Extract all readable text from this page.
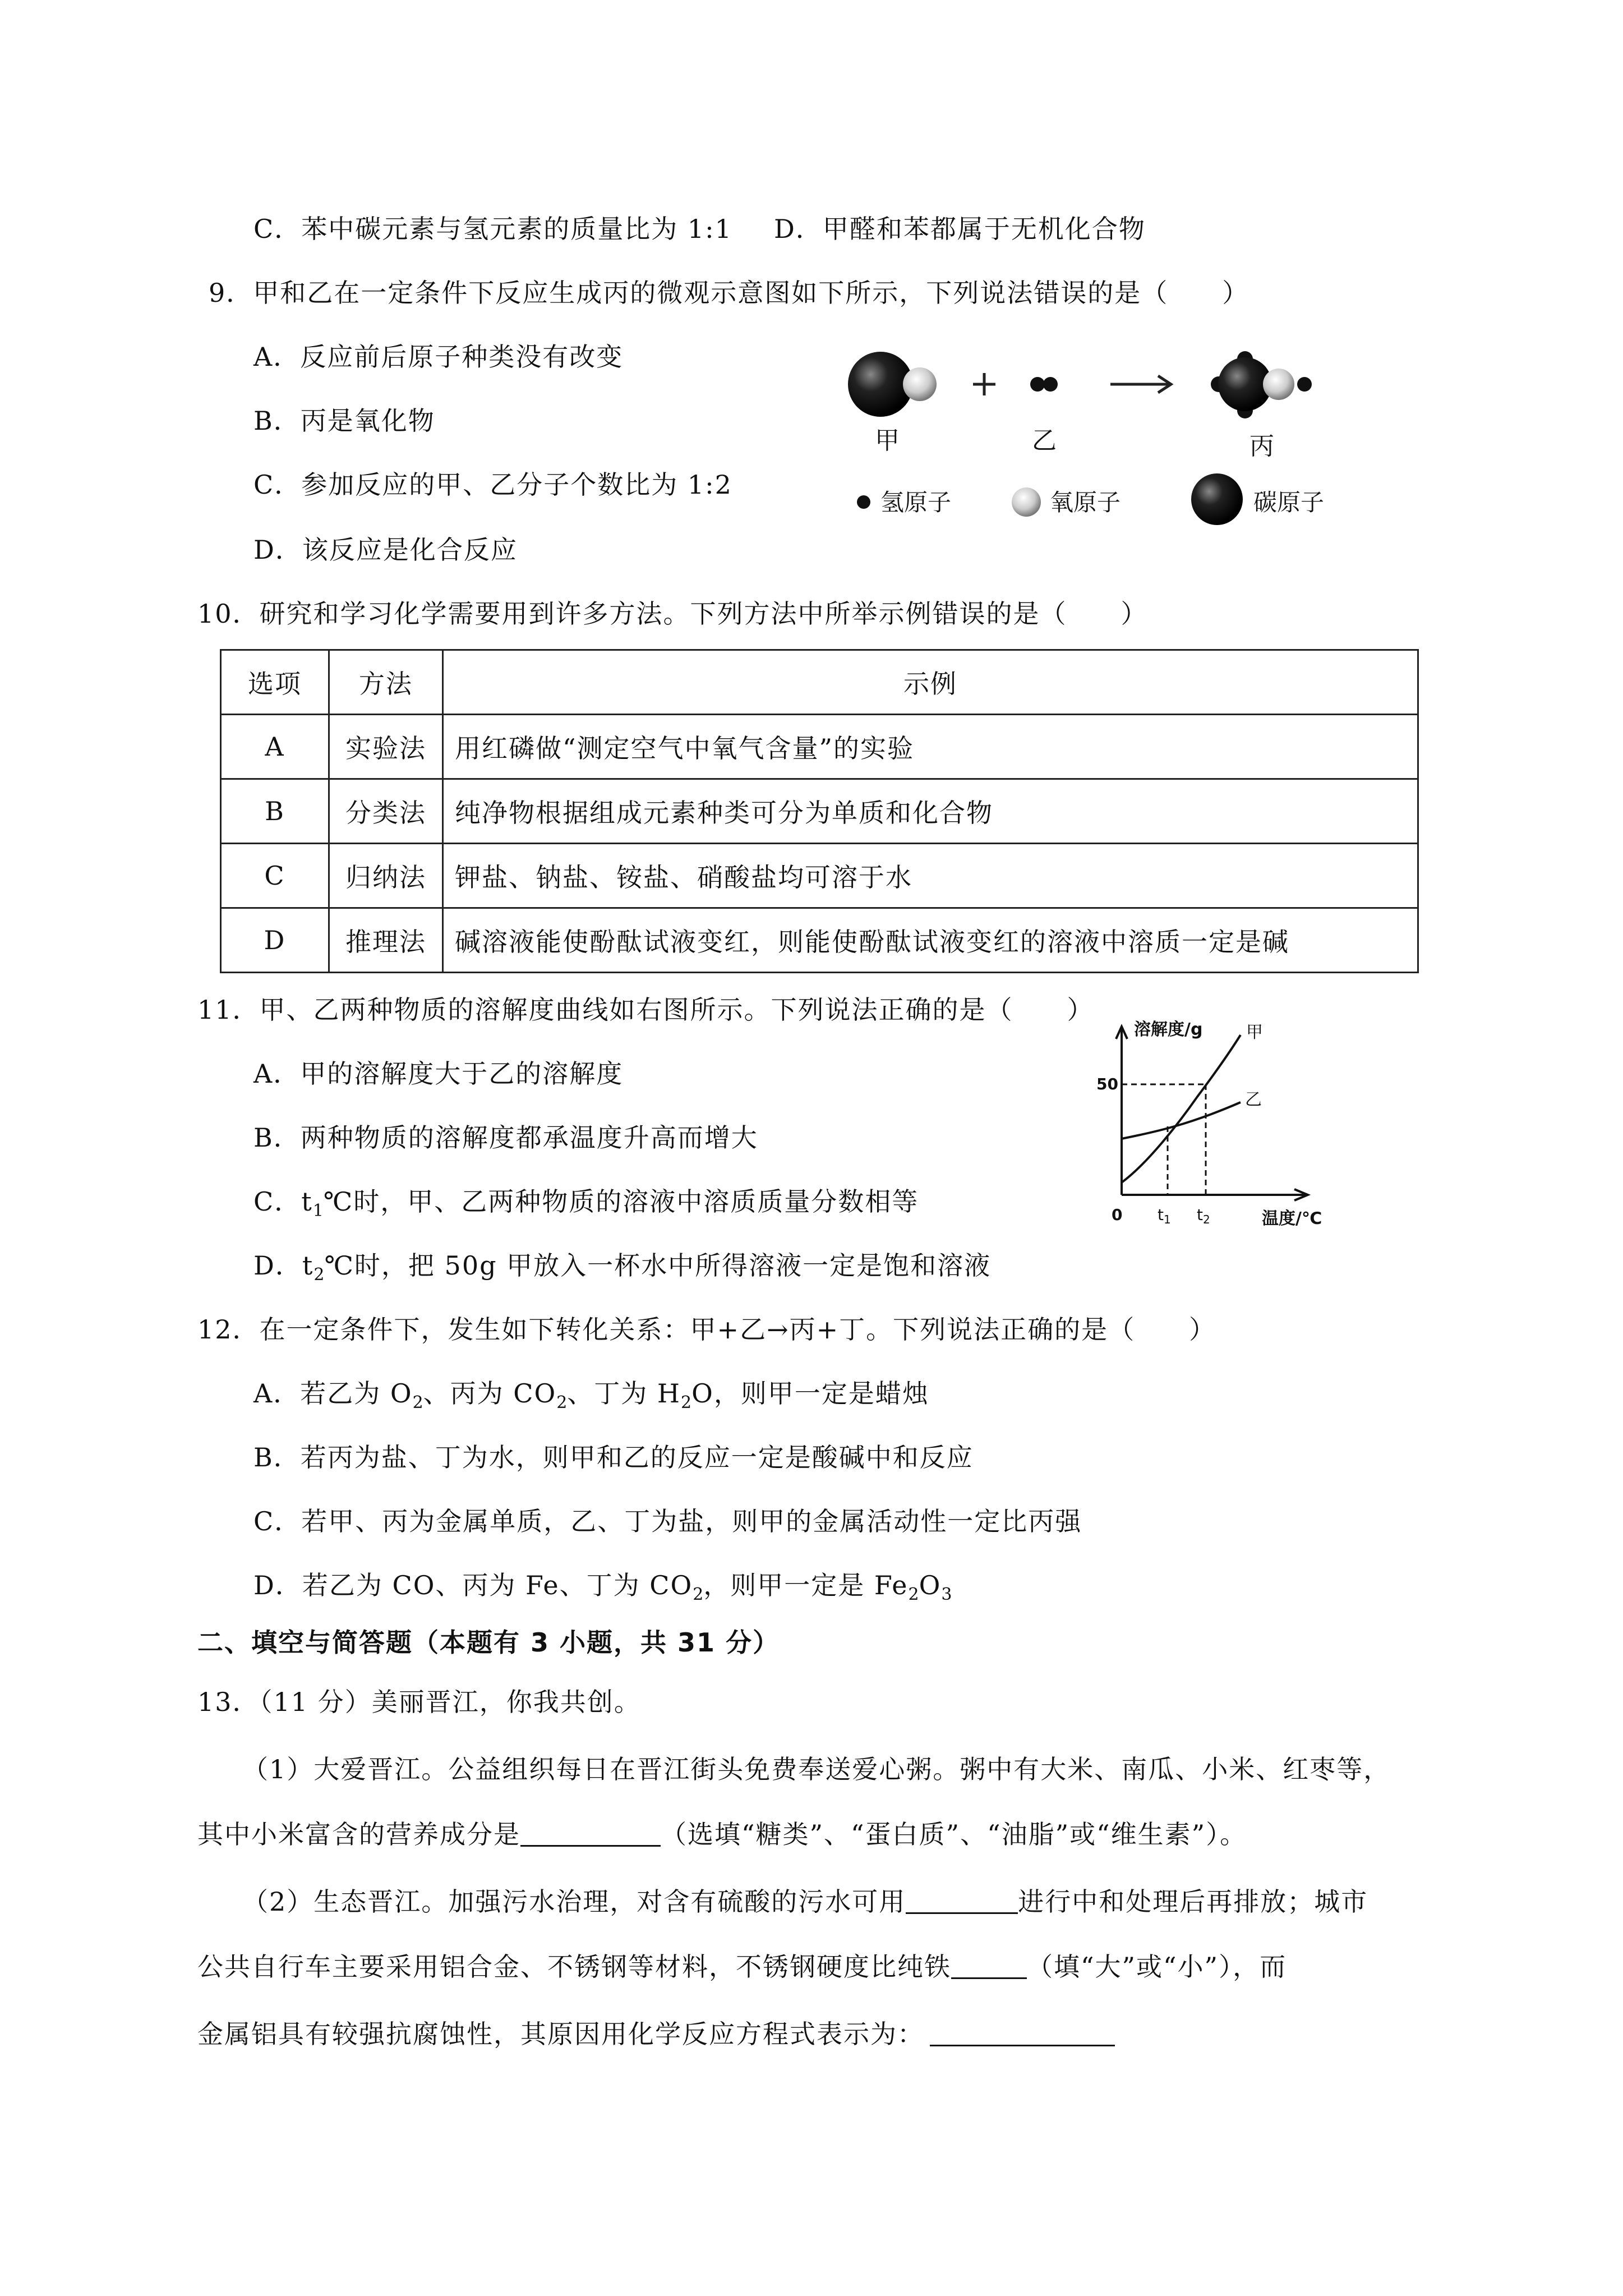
C．苯中碳元素与氢元素的质量比为 1:1 D．甲醛和苯都属于无机化合物
9．甲和乙在一定条件下反应生成丙的微观示意图如下所示，下列说法错误的是（　　）
A．反应前后原子种类没有改变
B．丙是氧化物
C．参加反应的甲、乙分子个数比为 1:2
D．该反应是化合反应
甲	乙	丙
氢原子	氧原子	碳原子
10．研究和学习化学需要用到许多方法。下列方法中所举示例错误的是（　　）
选项	方法	示例
A	实验法	用红磷做“测定空气中氧气含量”的实验
B	分类法	纯净物根据组成元素种类可分为单质和化合物
C	归纳法	钾盐、钠盐、铵盐、硝酸盐均可溶于水
D	推理法	碱溶液能使酚酞试液变红，则能使酚酞试液变红的溶液中溶质一定是碱
11．甲、乙两种物质的溶解度曲线如右图所示。下列说法正确的是（　　）
A．甲的溶解度大于乙的溶解度
B．两种物质的溶解度都承温度升高而增大
C．$t_1℃$时，甲、乙两种物质的溶液中溶质质量分数相等
D．$t_2℃$时，把 50g 甲放入一杯水中所得溶液一定是饱和溶液
溶解度/g
50
0
甲
乙
$t_1$ $t_2$	温度/℃
12．在一定条件下，发生如下转化关系：甲+乙→丙+丁。下列说法正确的是（　　）
A．若乙为 $O_2$、丙为 $CO_2$、丁为 $H_2O$，则甲一定是蜡烛
B．若丙为盐、丁为水，则甲和乙的反应一定是酸碱中和反应
C．若甲、丙为金属单质，乙、丁为盐，则甲的金属活动性一定比丙强
D．若乙为 CO、丙为 Fe、丁为 $CO_2$，则甲一定是 $Fe_2O_3$
二、填空与简答题（本题有 3 小题，共 31 分）
13．（11 分）美丽晋江，你我共创。
（1）大爱晋江。公益组织每日在晋江街头免费奉送爱心粥。粥中有大米、南瓜、小米、红枣等，
其中小米富含的营养成分是	（选填“糖类”、“蛋白质”、“油脂”或“维生素”）。
（2）生态晋江。加强污水治理，对含有硫酸的污水可用	进行中和处理后再排放；城市
公共自行车主要采用铝合金、不锈钢等材料，不锈钢硬度比纯铁	（填“大”或“小”），而
金属铝具有较强抗腐蚀性，其原因用化学反应方程式表示为：
